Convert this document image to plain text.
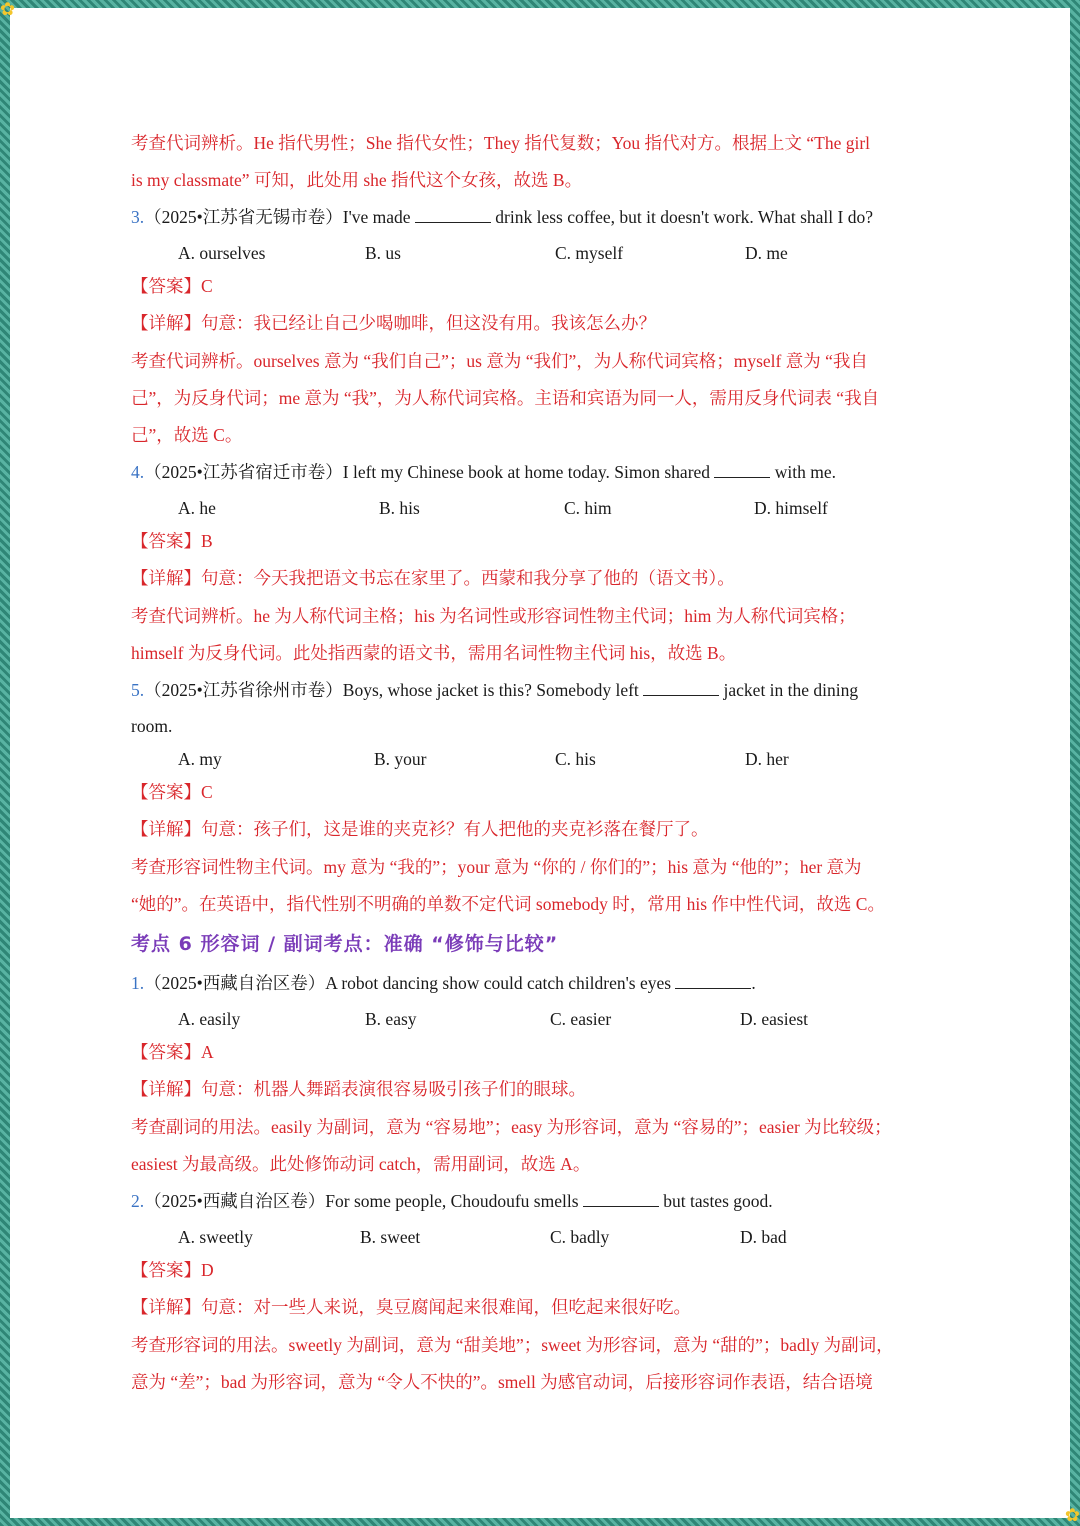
考查代词辨析。He 指代男性；She 指代女性；They 指代复数；You 指代对方。根据上文 “The girl
is my classmate” 可知，此处用 she 指代这个女孩，故选 B。
3.（2025•江苏省无锡市卷）I've made	drink less coffee, but it doesn't work. What shall I do?
A. ourselves	B. us	C. myself	D. me
【答案】C
【详解】句意：我已经让自己少喝咖啡，但这没有用。我该怎么办？
考查代词辨析。ourselves 意为 “我们自己”；us 意为 “我们”，为人称代词宾格；myself 意为 “我自
己”，为反身代词；me 意为 “我”，为人称代词宾格。主语和宾语为同一人，需用反身代词表 “我自
己”，故选 C。
4.（2025•江苏省宿迁市卷）I left my Chinese book at home today. Simon shared	with me.
A. he	B. his	C. him	D. himself
【答案】B
【详解】句意：今天我把语文书忘在家里了。西蒙和我分享了他的（语文书）。
考查代词辨析。he 为人称代词主格；his 为名词性或形容词性物主代词；him 为人称代词宾格；
himself 为反身代词。此处指西蒙的语文书，需用名词性物主代词 his，故选 B。
5.（2025•江苏省徐州市卷）Boys, whose jacket is this? Somebody left	jacket in the dining
room.
A. my	B. your	C. his	D. her
【答案】C
【详解】句意：孩子们，这是谁的夹克衫？有人把他的夹克衫落在餐厅了。
考查形容词性物主代词。my 意为 “我的”；your 意为 “你的 / 你们的”；his 意为 “他的”；her 意为
“她的”。在英语中，指代性别不明确的单数不定代词 somebody 时，常用 his 作中性代词，故选 C。
考点 6 形容词 / 副词考点：准确 “修饰与比较”
1.（2025•西藏自治区卷）A robot dancing show could catch children's eyes	.
A. easily	B. easy	C. easier	D. easiest
【答案】A
【详解】句意：机器人舞蹈表演很容易吸引孩子们的眼球。
考查副词的用法。easily 为副词，意为 “容易地”；easy 为形容词，意为 “容易的”；easier 为比较级；
easiest 为最高级。此处修饰动词 catch，需用副词，故选 A。
2.（2025•西藏自治区卷）For some people, Choudoufu smells	but tastes good.
A. sweetly	B. sweet	C. badly	D. bad
【答案】D
【详解】句意：对一些人来说，臭豆腐闻起来很难闻，但吃起来很好吃。
考查形容词的用法。sweetly 为副词，意为 “甜美地”；sweet 为形容词，意为 “甜的”；badly 为副词，
意为 “差”；bad 为形容词，意为 “令人不快的”。smell 为感官动词，后接形容词作表语，结合语境
✿
✿
